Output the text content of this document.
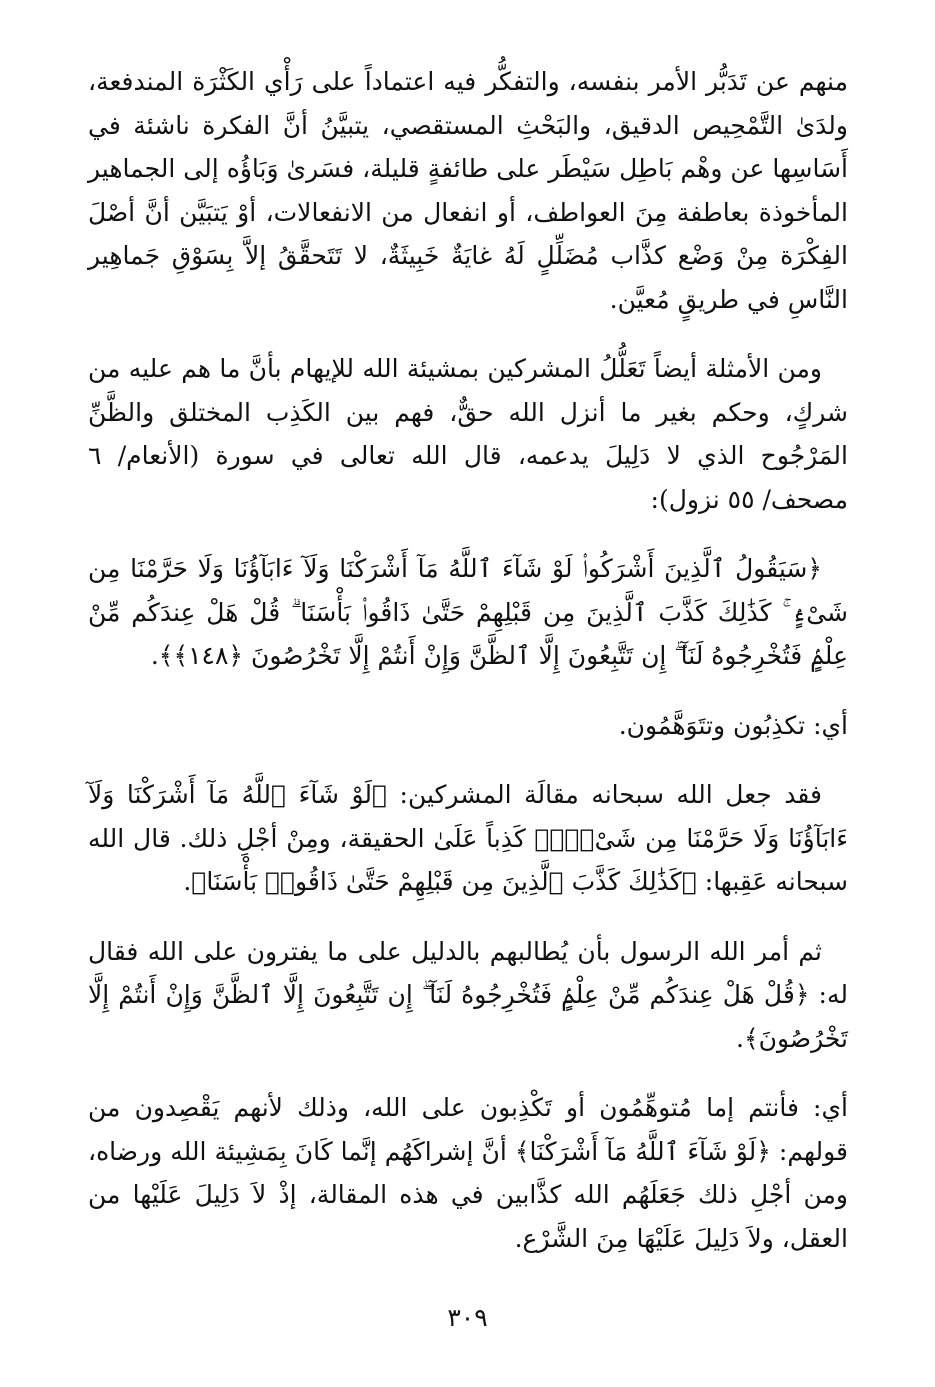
منهم عن تَدَبُّر الأمر بنفسه، والتفكُّر فيه اعتماداً على رَأْي الكَثْرَة المندفعة، ولدَىٰ التَّمْحِيص الدقيق، والبَحْثِ المستقصي، يتبيَّنُ أنَّ الفكرة ناشئة في أَسَاسِها عن وهْم بَاطِل سَيْطَر على طائفةٍ قليلة، فسَرىٰ وَبَاؤُه إلى الجماهير المأخوذة بعاطفة مِنَ العواطف، أو انفعال من الانفعالات، أوْ يَتبَيَّن أنَّ أصْلَ الفِكْرَة مِنْ وَضْع كذَّاب مُضَلِّلٍ لَهُ غايَةٌ خَبِيثَةٌ، لا تَتَحقَّقُ إلاَّ بِسَوْقِ جَماهِير النَّاسِ في طريقٍ مُعيَّن.

ومن الأمثلة أيضاً تَعَلُّلُ المشركين بمشيئة الله للإيهام بأنَّ ما هم عليه من شركٍ، وحكم بغير ما أنزل الله حقٌّ، فهم بين الكَذِب المختلق والظَّنِّ المَرْجُوح الذي لا دَلِيلَ يدعمه، قال الله تعالى في سورة (الأنعام/ ٦ مصحف/ ٥٥ نزول):

﴿سَيَقُولُ ٱلَّذِينَ أَشْرَكُوا۟ لَوْ شَآءَ ٱللَّهُ مَآ أَشْرَكْنَا وَلَآ ءَابَآؤُنَا وَلَا حَرَّمْنَا مِن شَىْءٍۢ ۚ كَذَٰلِكَ كَذَّبَ ٱلَّذِينَ مِن قَبْلِهِمْ حَتَّىٰ ذَاقُوا۟ بَأْسَنَا ۗ قُلْ هَلْ عِندَكُم مِّنْ عِلْمٍۢ فَتُخْرِجُوهُ لَنَآ ۖ إِن تَتَّبِعُونَ إِلَّا ٱلظَّنَّ وَإِنْ أَنتُمْ إِلَّا تَخْرُصُونَ ﴿١٤٨﴾﴾.

أي: تكذِبُون وتتَوَهَّمُون.

فقد جعل الله سبحانه مقالَة المشركين: ﴿لَوْ شَآءَ ٱللَّهُ مَآ أَشْرَكْنَا وَلَآ ءَابَآؤُنَا وَلَا حَرَّمْنَا مِن شَىْءٍۢ﴾ كَذِباً عَلَىٰ الحقيقة، ومِنْ أجْلِ ذلك. قال الله سبحانه عَقِبها: ﴿كَذَٰلِكَ كَذَّبَ ٱلَّذِينَ مِن قَبْلِهِمْ حَتَّىٰ ذَاقُوا۟ بَأْسَنَا﴾.

ثم أمر الله الرسول بأن يُطالبهم بالدليل على ما يفترون على الله فقال له: ﴿قُلْ هَلْ عِندَكُم مِّنْ عِلْمٍۢ فَتُخْرِجُوهُ لَنَآ ۖ إِن تَتَّبِعُونَ إِلَّا ٱلظَّنَّ وَإِنْ أَنتُمْ إِلَّا تَخْرُصُونَ﴾.

أي: فأنتم إما مُتوهِّمُون أو تَكْذِبون على الله، وذلك لأنهم يَقْصِدون من قولهم: ﴿لَوْ شَآءَ ٱللَّهُ مَآ أَشْرَكْنَا﴾ أنَّ إشراكَهُم إنَّما كَانَ بِمَشِيئة الله ورضاه، ومن أجْلِ ذلك جَعَلَهُم الله كذَّابين في هذه المقالة، إذْ لاَ دَلِيلَ عَلَيْها من العقل، ولاَ دَلِيلَ عَلَيْهَا مِنَ الشَّرْع.

٣٠٩
